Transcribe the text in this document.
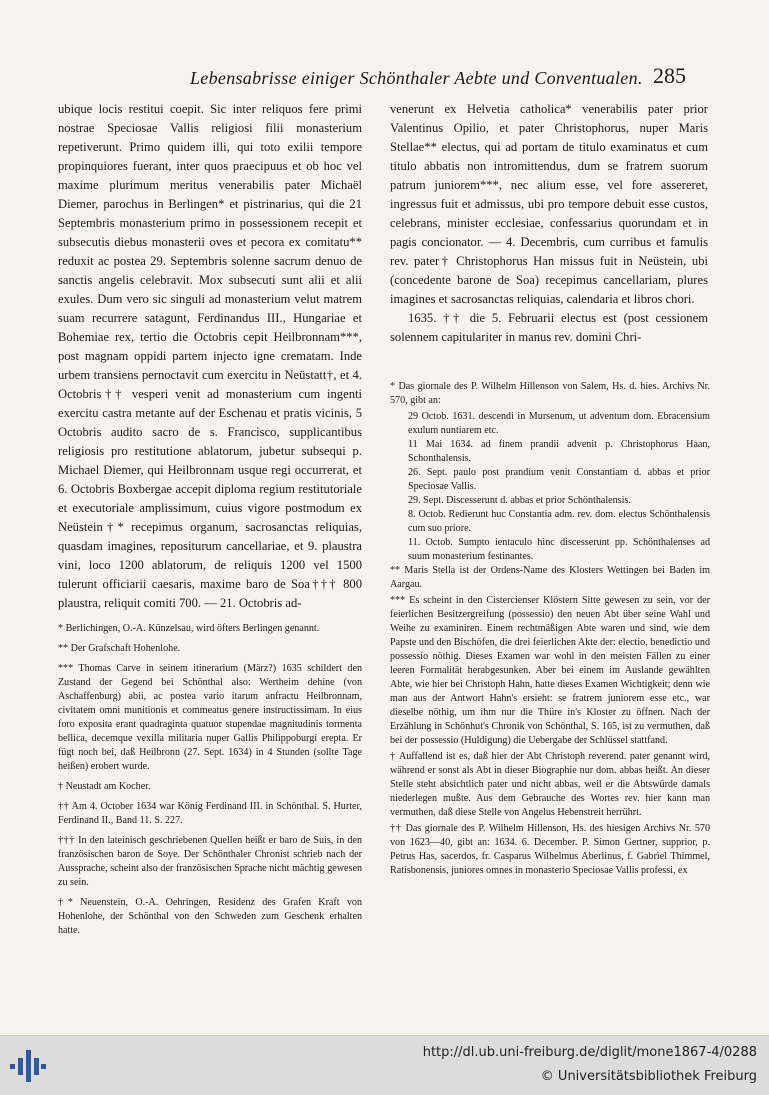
Lebensabrisse einiger Schönthaler Aebte und Conventualen. 285

ubique locis restitui coepit. Sic inter reliquos fere primi nostrae Speciosae Vallis religiosi filii monasterium repetiverunt. Primo quidem illi, qui toto exilii tempore propinquiores fuerant, inter quos praecipuus et ob hoc vel maxime plurimum meritus venerabilis pater Michaël Diemer, parochus in Berlingen* et pistrinarius, qui die 21 Septembris monasterium primo in possessionem recepit et subsecutis diebus monasterii oves et pecora ex comitatu** reduxit ac postea 29. Septembris solenne sacrum denuo de sanctis angelis celebravit. Mox subsecuti sunt alii et alii exules. Dum vero sic singuli ad monasterium velut matrem suam recurrere satagunt, Ferdinandus III., Hungariae et Bohemiae rex, tertio die Octobris cepit Heilbronnam***, post magnam oppidi partem injecto igne crematam. Inde urbem transiens pernoctavit cum exercitu in Neüstatt†, et 4. Octobris†† vesperi venit ad monasterium cum ingenti exercitu castra metante auf der Eschenau et pratis vicinis, 5 Octobris audito sacro de s. Francisco, supplicantibus religiosis pro restitutione ablatorum, jubetur subsequi p. Michael Diemer, qui Heilbronnam usque regi occurrerat, et 6. Octobris Boxbergae accepit diploma regium restitutoriale et executoriale amplissimum, cuius vigore postmodum ex Neüstein†* recepimus organum, sacrosanctas reliquias, quasdam imagines, repositurum cancellariae, et 9. plaustra vini, loco 1200 ablatorum, de reliquis 1200 vel 1500 tulerunt officiarii caesaris, maxime baro de Soa††† 800 plaustra, reliquit comiti 700. — 21. Octobris ad-

venerunt ex Helvetia catholica* venerabilis pater prior Valentinus Opilio, et pater Christophorus, nuper Maris Stellae** electus, qui ad portam de titulo examinatus et cum titulo abbatis non intromittendus, dum se fratrem suorum patrum juniorem***, nec alium esse, vel fore assereret, ingressus fuit et admissus, ubi pro tempore debuit esse custos, celebrans, minister ecclesiae, confessarius quorundam et in pagis concionator. — 4. Decembris, cum curribus et famulis rev. pater† Christophorus Han missus fuit in Neüstein, ubi (concedente barone de Soa) recepimus cancellariam, plures imagines et sacrosanctas reliquias, calendaria et libros chori.

1635. †† die 5. Februarii electus est (post cessionem solennem capitulariter in manus rev. domini Chri-

* Berlichingen, O.-A. Künzelsau, wird öfters Berlingen genannt.

** Der Grafschaft Hohenlohe.

*** Thomas Carve in seinem itinerarium (März?) 1635 schildert den Zustand der Gegend bei Schönthal also: Wertheim dehine (von Aschaffenburg) abii, ac postea vario itarum anfractu Heilbronnam, civitatem omni munitionis et commeatus genere instructissimam. In eius foro exposita erant quadraginta quatuor stupendae magnitudinis tormenta bellica, decemque vexilla militaria nuper Gallis Philippoburgi erepta. Er fügt noch bei, daß Heilbronn (27. Sept. 1634) in 4 Stunden (sollte Tage heißen) erobert wurde.

† Neustadt am Kocher.

†† Am 4. October 1634 war König Ferdinand III. in Schönthal. S. Hurter, Ferdinand II., Band 11. S. 227.

††† In den lateinisch geschriebenen Quellen heißt er baro de Suis, in den französischen baron de Soye. Der Schönthaler Chronist schrieb nach der Aussprache, scheint also der französischen Sprache nicht mächtig gewesen zu sein.

†* Neuenstein, O.-A. Oehringen, Residenz des Grafen Kraft von Hohenlohe, der Schönthal von den Schweden zum Geschenk erhalten hatte.

* Das giornale des P. Wilhelm Hillenson von Salem, Hs. d. hies. Archivs Nr. 570, gibt an:

29 Octob. 1631. descendi in Mursenum, ut adventum dom. Ebracensium exulum nuntiarem etc.

11 Mai 1634. ad finem prandii advenit p. Christophorus Haan, Schonthalensis.

26. Sept. paulo post prandium venit Constantiam d. abbas et prior Speciosae Vallis.

29. Sept. Discesserunt d. abbas et prior Schönthalensis.

8. Octob. Redierunt huc Constantia adm. rev. dom. electus Schönthalensis cum suo priore.

11. Octob. Sumpto ientaculo hinc discesserunt pp. Schönthalenses ad suum monasterium festinantes.

** Maris Stella ist der Ordens-Name des Klosters Wettingen bei Baden im Aargau.

*** Es scheint in den Cistercienser Klöstern Sitte gewesen zu sein, vor der feierlichen Besitzergreifung (possessio) den neuen Abt über seine Wahl und Weihe zu examiniren. Einem rechtmäßigen Abte waren und sind, wie dem Papste und den Bischöfen, die drei feierlichen Akte der: electio, benedictio und possessio nöthig. Dieses Examen war wohl in den meisten Fällen zu einer leeren Formalität herabgesunken. Aber bei einem im Auslande gewählten Abte, wie hier bei Christoph Hahn, hatte dieses Examen Wichtigkeit; denn wie man aus der Antwort Hahn's ersieht: se fratrem juniorem esse etc., war dieselbe nöthig, um ihm nur die Thüre in's Kloster zu öffnen. Nach der Erzählung in Schönhut's Chronik von Schönthal, S. 165, ist zu vermuthen, daß bei der possessio (Huldigung) die Uebergabe der Schlüssel stattfand.

† Auffallend ist es, daß hier der Abt Christoph reverend. pater genannt wird, während er sonst als Abt in dieser Biographie nur dom. abbas heißt. An dieser Stelle steht absichtlich pater und nicht abbas, weil er die Abtswürde damals niederlegen mußte. Aus dem Gebrauche des Wortes rev. hier kann man vermuthen, daß diese Stelle von Angelus Hebenstreit herrührt.

†† Das giornale des P. Wilhelm Hillenson, Hs. des hiesigen Archivs Nr. 570 von 1623—40, gibt an: 1634. 6. December. P. Simon Gertner, supprior, p. Petrus Has, sacerdos, fr. Casparus Wilhelmus Aberlinus, f. Gabriel Thimmel, Ratisbonensis, juniores omnes in monasterio Speciosae Vallis professi, ex

http://dl.ub.uni-freiburg.de/diglit/mone1867-4/0288
© Universitätsbibliothek Freiburg
